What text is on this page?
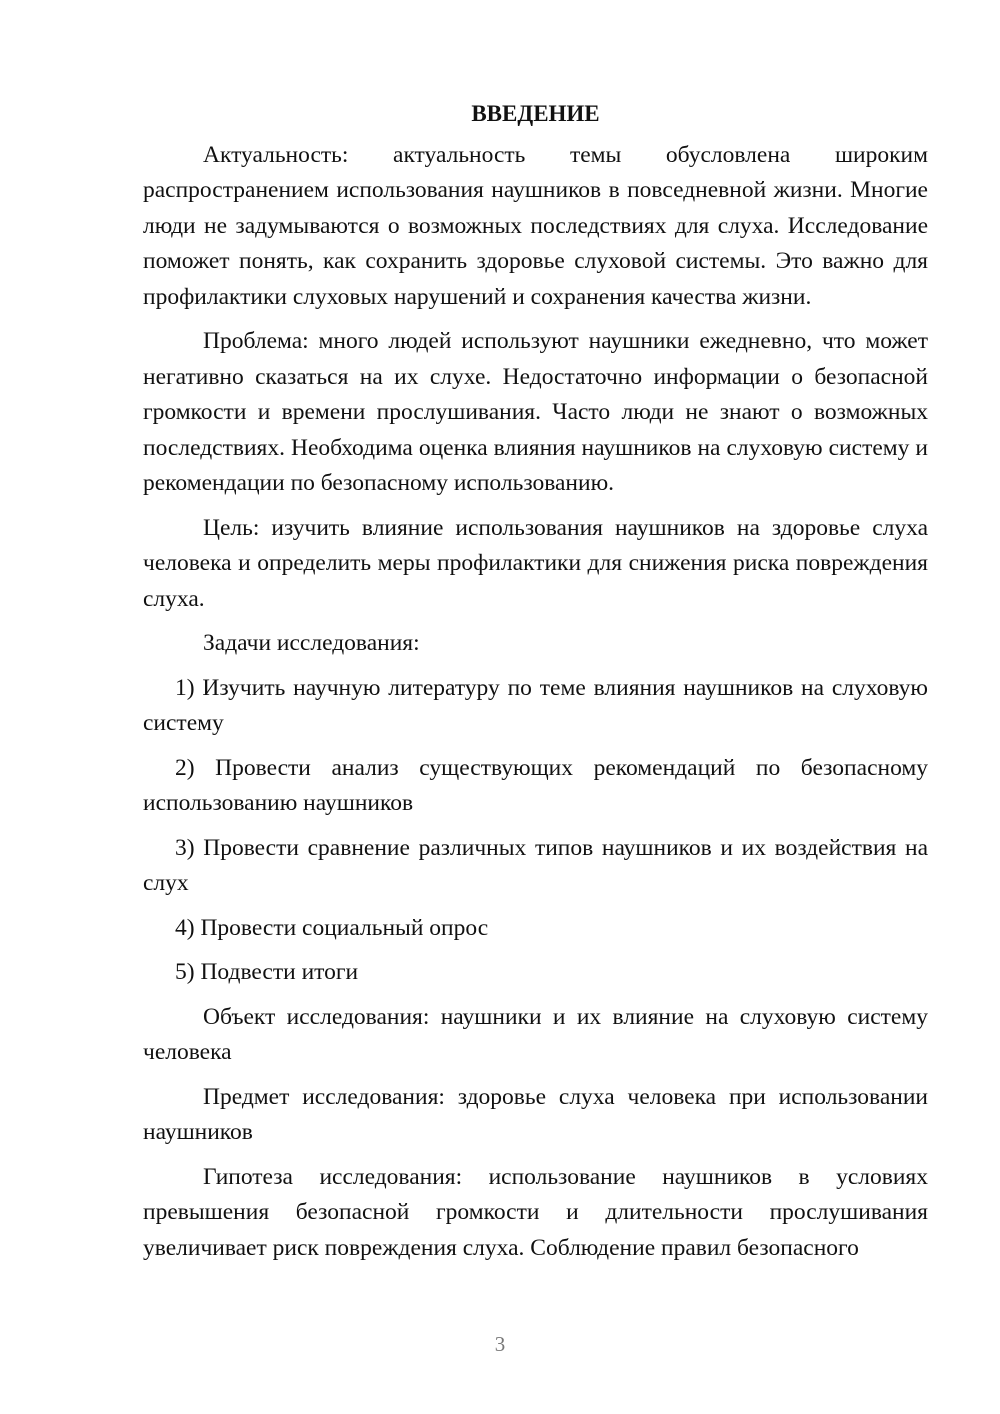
ВВЕДЕНИЕ

Актуальность: актуальность темы обусловлена широким распространением использования наушников в повседневной жизни. Многие люди не задумываются о возможных последствиях для слуха. Исследование поможет понять, как сохранить здоровье слуховой системы. Это важно для профилактики слуховых нарушений и сохранения качества жизни.

Проблема: много людей используют наушники ежедневно, что может негативно сказаться на их слухе. Недостаточно информации о безопасной громкости и времени прослушивания. Часто люди не знают о возможных последствиях. Необходима оценка влияния наушников на слуховую систему и рекомендации по безопасному использованию.

Цель: изучить влияние использования наушников на здоровье слуха человека и определить меры профилактики для снижения риска повреждения слуха.

Задачи исследования:

1) Изучить научную литературу по теме влияния наушников на слуховую систему

2) Провести анализ существующих рекомендаций по безопасному использованию наушников

3) Провести сравнение различных типов наушников и их воздействия на слух

4) Провести социальный опрос

5) Подвести итоги

Объект исследования: наушники и их влияние на слуховую систему человека

Предмет исследования: здоровье слуха человека при использовании наушников

Гипотеза исследования: использование наушников в условиях превышения безопасной громкости и длительности прослушивания увеличивает риск повреждения слуха. Соблюдение правил безопасного

3
